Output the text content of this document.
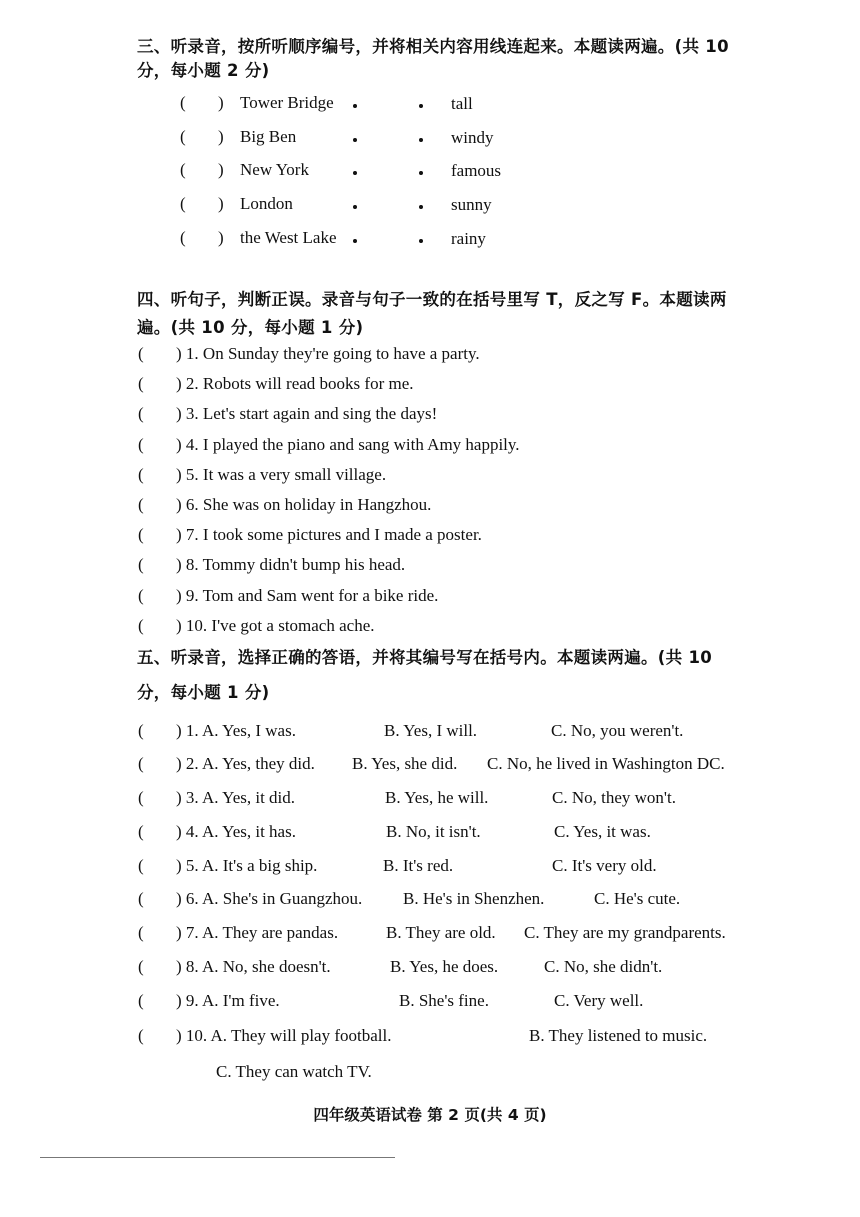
三、听录音，按所听顺序编号，并将相关内容用线连起来。本题读两遍。(共 10
分，每小题 2 分)
( ) Tower Bridge	tall
( ) Big Ben	windy
( ) New York	famous
( ) London	sunny
( ) the West Lake	rainy
四、听句子，判断正误。录音与句子一致的在括号里写 T，反之写 F。本题读两
遍。(共 10 分，每小题 1 分)
( ) 1. On Sunday they're going to have a party.
( ) 2. Robots will read books for me.
( ) 3. Let's start again and sing the days!
( ) 4. I played the piano and sang with Amy happily.
( ) 5. It was a very small village.
( ) 6. She was on holiday in Hangzhou.
( ) 7. I took some pictures and I made a poster.
( ) 8. Tommy didn't bump his head.
( ) 9. Tom and Sam went for a bike ride.
( ) 10. I've got a stomach ache.
五、听录音，选择正确的答语，并将其编号写在括号内。本题读两遍。(共 10
分，每小题 1 分)
( ) 1. A. Yes, I was.	B. Yes, I will.	C. No, you weren't.
( ) 2. A. Yes, they did. B. Yes, she did. C. No, he lived in Washington DC.
( ) 3. A. Yes, it did.	B. Yes, he will.	C. No, they won't.
( ) 4. A. Yes, it has.	B. No, it isn't.	C. Yes, it was.
( ) 5. A. It's a big ship.	B. It's red.	C. It's very old.
( ) 6. A. She's in Guangzhou. B. He's in Shenzhen.	C. He's cute.
( ) 7. A. They are pandas.	B. They are old. C. They are my grandparents.
( ) 8. A. No, she doesn't.	B. Yes, he does.	C. No, she didn't.
( ) 9. A. I'm five.	B. She's fine.	C. Very well.
( ) 10. A. They will play football.	B. They listened to music.
C. They can watch TV.
四年级英语试卷 第 2 页(共 4 页)
